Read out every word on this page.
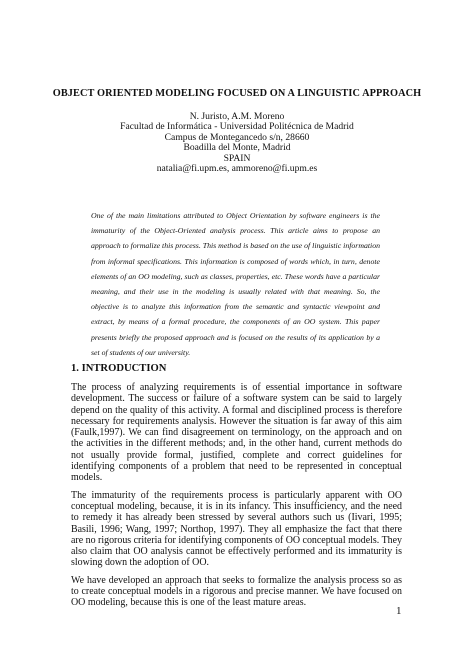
OBJECT ORIENTED MODELING FOCUSED ON A LINGUISTIC APPROACH
N. Juristo, A.M. Moreno
Facultad de Informática - Universidad Politécnica de Madrid
Campus de Montegancedo s/n, 28660
Boadilla del Monte, Madrid
SPAIN
natalia@fi.upm.es, ammoreno@fi.upm.es
One of the main limitations attributed to Object Orientation by software engineers is the immaturity of the Object-Oriented analysis process. This article aims to propose an approach to formalize this process. This method is based on the use of linguistic information from informal specifications. This information is composed of words which, in turn, denote elements of an OO modeling, such as classes, properties, etc. These words have a particular meaning, and their use in the modeling is usually related with that meaning. So, the objective is to analyze this information from the semantic and syntactic viewpoint and extract, by means of a formal procedure, the components of an OO system. This paper presents briefly the proposed approach and is focused on the results of its application by a set of students of our university.
1. INTRODUCTION

The process of analyzing requirements is of essential importance in software development. The success or failure of a software system can be said to largely depend on the quality of this activity. A formal and disciplined process is therefore necessary for requirements analysis. However the situation is far away of this aim (Faulk,1997). We can find disagreement on terminology, on the approach and on the activities in the different methods; and, in the other hand, current methods do not usually provide formal, justified, complete and correct guidelines for identifying components of a problem that need to be represented in conceptual models.

The immaturity of the requirements process is particularly apparent with OO conceptual modeling, because, it is in its infancy. This insufficiency, and the need to remedy it has already been stressed by several authors such us (Iivari, 1995; Basili, 1996; Wang, 1997; Northop, 1997). They all emphasize the fact that there are no rigorous criteria for identifying components of OO conceptual models. They also claim that OO analysis cannot be effectively performed and its immaturity is slowing down the adoption of OO.

We have developed an approach that seeks to formalize the analysis process so as to create conceptual models in a rigorous and precise manner. We have focused on OO modeling, because this is one of the least mature areas.

1
